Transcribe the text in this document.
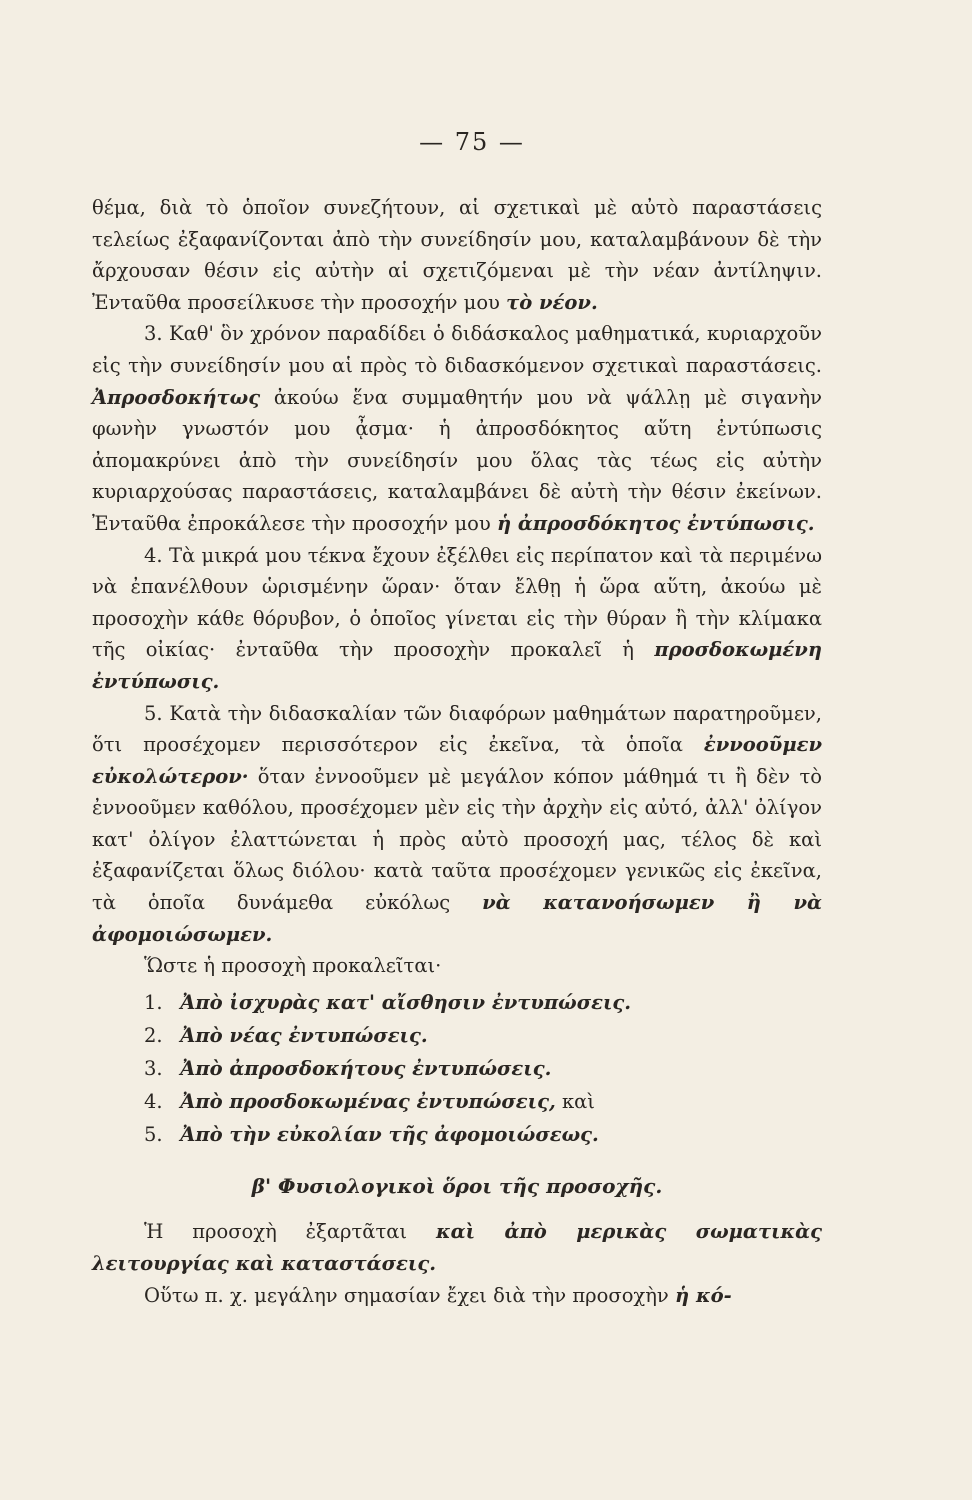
— 75 —

θέμα, διὰ τὸ ὁποῖον συνεζήτουν, αἱ σχετικαὶ μὲ αὐτὸ παραστάσεις τελείως ἐξαφανίζονται ἀπὸ τὴν συνείδησίν μου, καταλαμβάνουν δὲ τὴν ἄρχουσαν θέσιν εἰς αὐτὴν αἱ σχετιζόμεναι μὲ τὴν νέαν ἀντίληψιν. Ἐνταῦθα προσείλκυσε τὴν προσοχήν μου τὸ νέον.

3. Καθ' ὃν χρόνον παραδίδει ὁ διδάσκαλος μαθηματικά, κυριαρχοῦν εἰς τὴν συνείδησίν μου αἱ πρὸς τὸ διδασκόμενον σχετικαὶ παραστάσεις. Ἀπροσδοκήτως ἀκούω ἕνα συμμαθητήν μου νὰ ψάλλῃ μὲ σιγανὴν φωνὴν γνωστόν μου ᾆσμα· ἡ ἀπροσδόκητος αὕτη ἐντύπωσις ἀπομακρύνει ἀπὸ τὴν συνείδησίν μου ὅλας τὰς τέως εἰς αὐτὴν κυριαρχούσας παραστάσεις, καταλαμβάνει δὲ αὐτὴ τὴν θέσιν ἐκείνων. Ἐνταῦθα ἐπροκάλεσε τὴν προσοχήν μου ἡ ἀπροσδόκητος ἐντύπωσις.

4. Τὰ μικρά μου τέκνα ἔχουν ἐξέλθει εἰς περίπατον καὶ τὰ περιμένω νὰ ἐπανέλθουν ὡρισμένην ὥραν· ὅταν ἔλθῃ ἡ ὥρα αὕτη, ἀκούω μὲ προσοχὴν κάθε θόρυβον, ὁ ὁποῖος γίνεται εἰς τὴν θύραν ἢ τὴν κλίμακα τῆς οἰκίας· ἐνταῦθα τὴν προσοχὴν προκαλεῖ ἡ προσδοκωμένη ἐντύπωσις.

5. Κατὰ τὴν διδασκαλίαν τῶν διαφόρων μαθημάτων παρατηροῦμεν, ὅτι προσέχομεν περισσότερον εἰς ἐκεῖνα, τὰ ὁποῖα ἐννοοῦμεν εὐκολώτερον· ὅταν ἐννοοῦμεν μὲ μεγάλον κόπον μάθημά τι ἢ δὲν τὸ ἐννοοῦμεν καθόλου, προσέχομεν μὲν εἰς τὴν ἀρχὴν εἰς αὐτό, ἀλλ' ὀλίγον κατ' ὀλίγον ἐλαττώνεται ἡ πρὸς αὐτὸ προσοχή μας, τέλος δὲ καὶ ἐξαφανίζεται ὅλως διόλου· κατὰ ταῦτα προσέχομεν γενικῶς εἰς ἐκεῖνα, τὰ ὁποῖα δυνάμεθα εὐκόλως νὰ κατανοήσωμεν ἢ νὰ ἀφομοιώσωμεν.

Ὥστε ἡ προσοχὴ προκαλεῖται·

1. Ἀπὸ ἰσχυρὰς κατ' αἴσθησιν ἐντυπώσεις.
2. Ἀπὸ νέας ἐντυπώσεις.
3. Ἀπὸ ἀπροσδοκήτους ἐντυπώσεις.
4. Ἀπὸ προσδοκωμένας ἐντυπώσεις, καὶ
5. Ἀπὸ τὴν εὐκολίαν τῆς ἀφομοιώσεως.
β' Φυσιολογικοὶ ὅροι τῆς προσοχῆς.

Ἡ προσοχὴ ἐξαρτᾶται καὶ ἀπὸ μερικὰς σωματικὰς λειτουργίας καὶ καταστάσεις.

Οὕτω π. χ. μεγάλην σημασίαν ἔχει διὰ τὴν προσοχὴν ἡ κό-
